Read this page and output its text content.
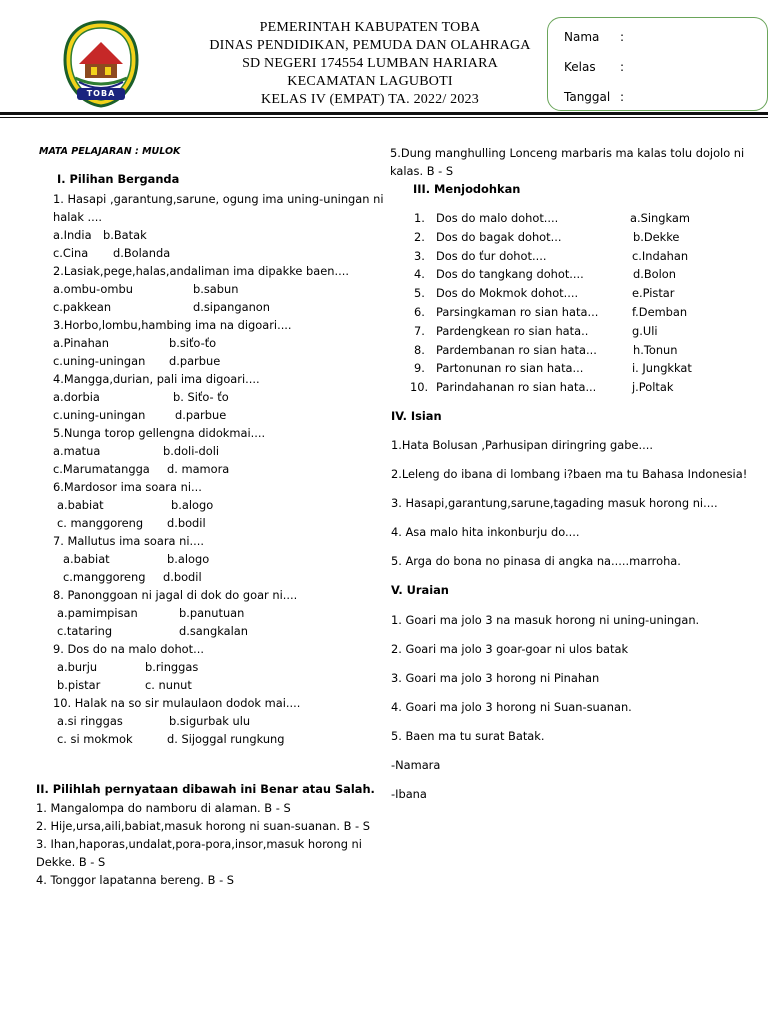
TOBA
PEMERINTAH KABUPATEN TOBA
DINAS PENDIDIKAN, PEMUDA DAN OLAHRAGA
SD NEGERI 174554 LUMBAN HARIARA
KECAMATAN LAGUBOTI
KELAS IV (EMPAT) TA. 2022/ 2023
Nama :
Kelas :
Tanggal :
MATA PELAJARAN : MULOK
I. Pilihan Berganda
1. Hasapi ,garantung,sarune, ogung ima uning-uningan ni
halak ....
a.India b.Batak
c.Cina d.Bolanda
2.Lasiak,pege,halas,andaliman ima dipakke baen....
a.ombu-ombu	b.sabun
c.pakkean	d.sipanganon
3.Horbo,lombu,hambing ima na digoari....
a.Pinahan	b.siťo-ťo
c.uning-uningan d.parbue
4.Mangga,durian, pali ima digoari....
a.dorbia	b. Siťo- ťo
c.uning-uningan	d.parbue
5.Nunga torop gellengna didokmai....
a.matua	b.doli-doli
c.Marumatangga d. mamora
6.Mardosor ima soara ni...
a.babiat	b.alogo
c. manggoreng d.bodil
7. Mallutus ima soara ni....
a.babiat	b.alogo
c.manggoreng d.bodil
8. Panonggoan ni jagal di dok do goar ni....
a.pamimpisan	b.panutuan
c.tataring	d.sangkalan
9. Dos do na malo dohot...
a.burju	b.ringgas
b.pistar	c. nunut
10. Halak na so sir mulaulaon dodok mai....
a.si ringgas	b.sigurbak ulu
c. si mokmok	d. Sijoggal rungkung
II. Pilihlah pernyataan dibawah ini Benar atau Salah.
1. Mangalompa do namboru di alaman. B - S
2. Hije,ursa,aili,babiat,masuk horong ni suan-suanan. B - S
3. Ihan,haporas,undalat,pora-pora,insor,masuk horong ni
Dekke. B - S
4. Tonggor lapatanna bereng. B - S
5.Dung manghulling Lonceng marbaris ma kalas tolu dojolo ni
kalas. B - S
III. Menjodohkan
1. Dos do malo dohot....	a.Singkam
2. Dos do bagak dohot...	b.Dekke
3. Dos do ťur dohot....	c.Indahan
4. Dos do tangkang dohot....	d.Bolon
5. Dos do Mokmok dohot....	e.Pistar
6. Parsingkaman ro sian hata...	f.Demban
7. Pardengkean ro sian hata..	g.Uli
8. Pardembanan ro sian hata...	h.Tonun
9. Partonunan ro sian hata...	i. Jungkkat
10. Parindahanan ro sian hata...	j.Poltak
IV. Isian
1.Hata Bolusan ,Parhusipan diringring gabe....
2.Leleng do ibana di lombang i?baen ma tu Bahasa Indonesia!
3. Hasapi,garantung,sarune,tagading masuk horong ni....
4. Asa malo hita inkonburju do....
5. Arga do bona no pinasa di angka na.....marroha.
V. Uraian
1. Goari ma jolo 3 na masuk horong ni uning-uningan.
2. Goari ma jolo 3 goar-goar ni ulos batak
3. Goari ma jolo 3 horong ni Pinahan
4. Goari ma jolo 3 horong ni Suan-suanan.
5. Baen ma tu surat Batak.
-Namara
-Ibana
